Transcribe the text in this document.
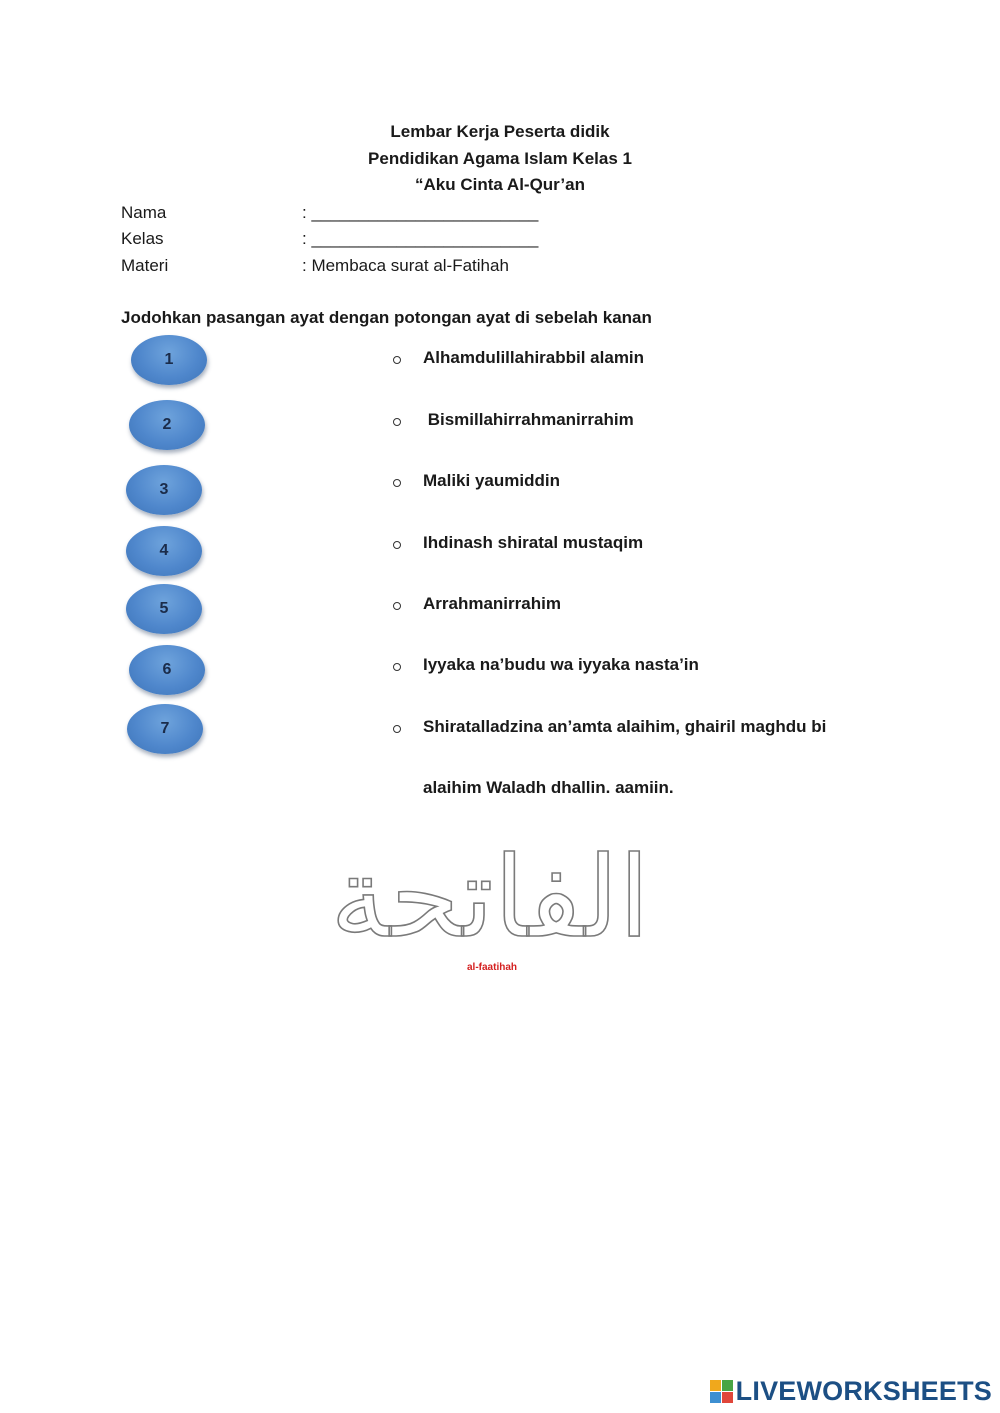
Lembar Kerja Peserta didik
Pendidikan Agama Islam Kelas 1
“Aku Cinta Al-Qur’an
Nama	: ________________________
Kelas	: ________________________
Materi	: Membaca surat al-Fatihah
Jodohkan pasangan ayat dengan potongan ayat di sebelah kanan
1
2
3
4
5
6
7
Alhamdulillahirabbil alamin
Bismillahirrahmanirrahim
Maliki yaumiddin
Ihdinash shiratal mustaqim
Arrahmanirrahim
Iyyaka na’budu wa iyyaka nasta’in
Shiratalladzina an’amta alaihim, ghairil maghdu bi
alaihim Waladh dhallin. aamiin.
الفاتحة
al-faatihah
LIVEWORKSHEETS
